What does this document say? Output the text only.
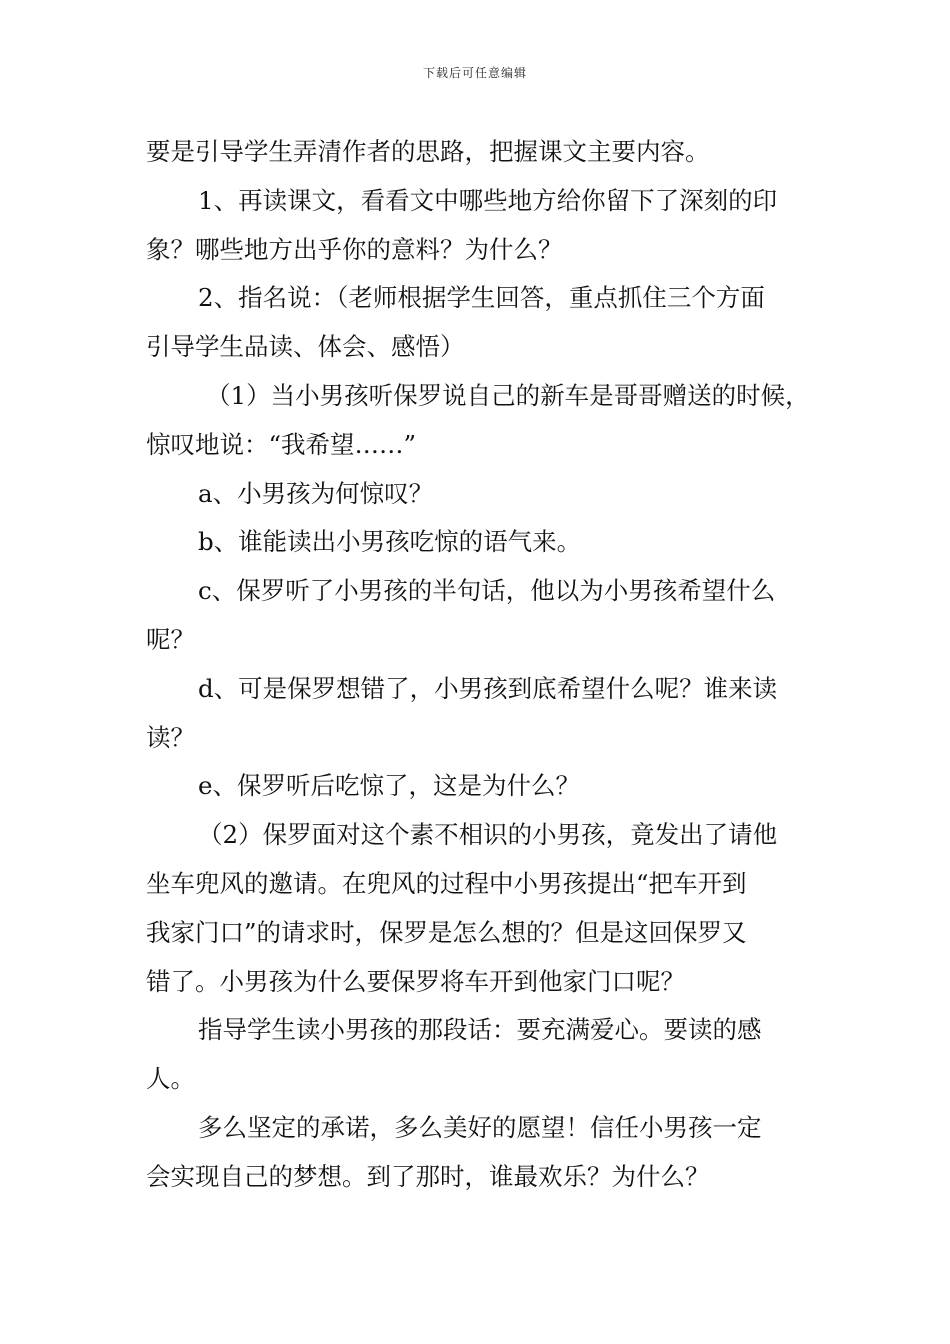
下载后可任意编辑

要是引导学生弄清作者的思路，把握课文主要内容。

1、再读课文，看看文中哪些地方给你留下了深刻的印

象？哪些地方出乎你的意料？为什么？

2、指名说：（老师根据学生回答，重点抓住三个方面

引导学生品读、体会、感悟）

（1）当小男孩听保罗说自己的新车是哥哥赠送的时候，

惊叹地说：“我希望……”

a、小男孩为何惊叹？

b、谁能读出小男孩吃惊的语气来。

c、保罗听了小男孩的半句话，他以为小男孩希望什么

呢？

d、可是保罗想错了，小男孩到底希望什么呢？谁来读

读？

e、保罗听后吃惊了，这是为什么？

（2）保罗面对这个素不相识的小男孩，竟发出了请他

坐车兜风的邀请。在兜风的过程中小男孩提出“把车开到

我家门口”的请求时，保罗是怎么想的？但是这回保罗又

错了。小男孩为什么要保罗将车开到他家门口呢？

指导学生读小男孩的那段话：要充满爱心。要读的感

人。

多么坚定的承诺，多么美好的愿望！信任小男孩一定

会实现自己的梦想。到了那时，谁最欢乐？为什么？
